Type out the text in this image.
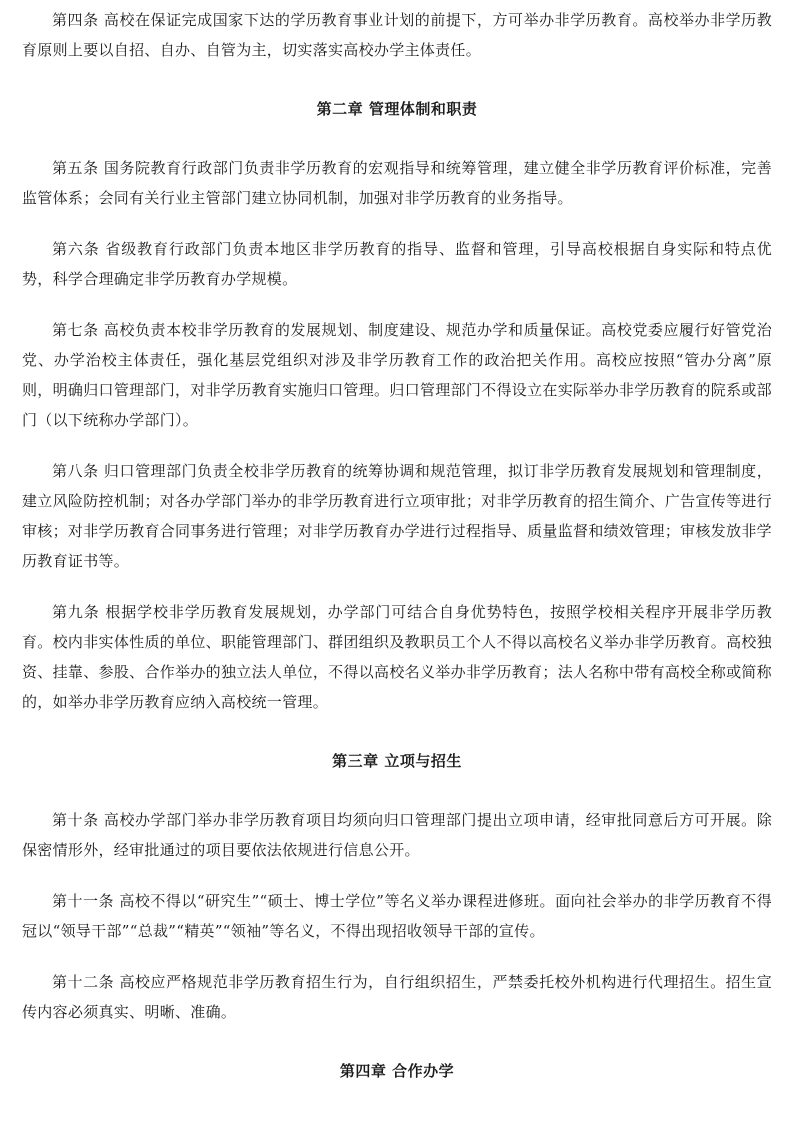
第四条 高校在保证完成国家下达的学历教育事业计划的前提下，方可举办非学历教育。高校举办非学历教育原则上要以自招、自办、自管为主，切实落实高校办学主体责任。

第二章 管理体制和职责

第五条 国务院教育行政部门负责非学历教育的宏观指导和统筹管理，建立健全非学历教育评价标准，完善监管体系；会同有关行业主管部门建立协同机制，加强对非学历教育的业务指导。

第六条 省级教育行政部门负责本地区非学历教育的指导、监督和管理，引导高校根据自身实际和特点优势，科学合理确定非学历教育办学规模。

第七条 高校负责本校非学历教育的发展规划、制度建设、规范办学和质量保证。高校党委应履行好管党治党、办学治校主体责任，强化基层党组织对涉及非学历教育工作的政治把关作用。高校应按照“管办分离”原则，明确归口管理部门，对非学历教育实施归口管理。归口管理部门不得设立在实际举办非学历教育的院系或部门（以下统称办学部门）。

第八条 归口管理部门负责全校非学历教育的统筹协调和规范管理，拟订非学历教育发展规划和管理制度，建立风险防控机制；对各办学部门举办的非学历教育进行立项审批；对非学历教育的招生简介、广告宣传等进行审核；对非学历教育合同事务进行管理；对非学历教育办学进行过程指导、质量监督和绩效管理；审核发放非学历教育证书等。

第九条 根据学校非学历教育发展规划，办学部门可结合自身优势特色，按照学校相关程序开展非学历教育。校内非实体性质的单位、职能管理部门、群团组织及教职员工个人不得以高校名义举办非学历教育。高校独资、挂靠、参股、合作举办的独立法人单位，不得以高校名义举办非学历教育；法人名称中带有高校全称或简称的，如举办非学历教育应纳入高校统一管理。

第三章 立项与招生

第十条 高校办学部门举办非学历教育项目均须向归口管理部门提出立项申请，经审批同意后方可开展。除保密情形外，经审批通过的项目要依法依规进行信息公开。

第十一条 高校不得以“研究生”“硕士、博士学位”等名义举办课程进修班。面向社会举办的非学历教育不得冠以“领导干部”“总裁”“精英”“领袖”等名义，不得出现招收领导干部的宣传。

第十二条 高校应严格规范非学历教育招生行为，自行组织招生，严禁委托校外机构进行代理招生。招生宣传内容必须真实、明晰、准确。

第四章 合作办学
